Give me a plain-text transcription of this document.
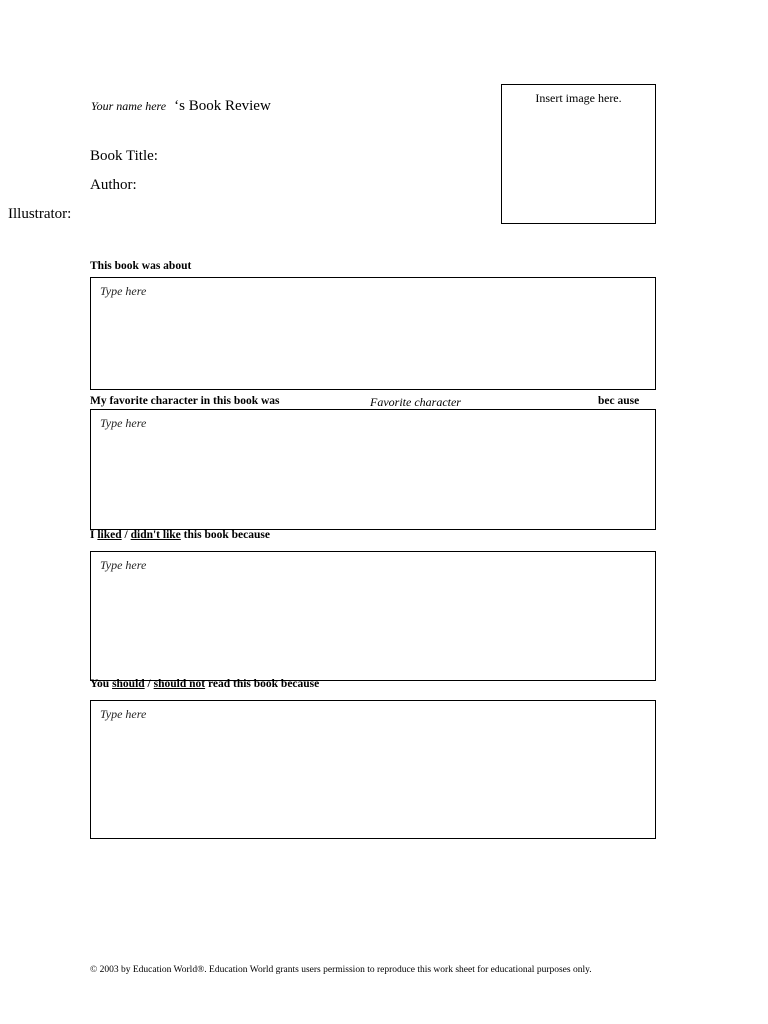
Your name here ‘s Book Review	Insert image here.
Book Title:
Author:
Illustrator:
This book was about
Type here
My favorite character in this book was	Favorite character	bec ause
Type here
I liked / didn't like this book because
Type here
You should / should not read this book because
Type here
© 2003 by Education World®. Education World grants users permission to reproduce this work sheet for educational purposes only.
